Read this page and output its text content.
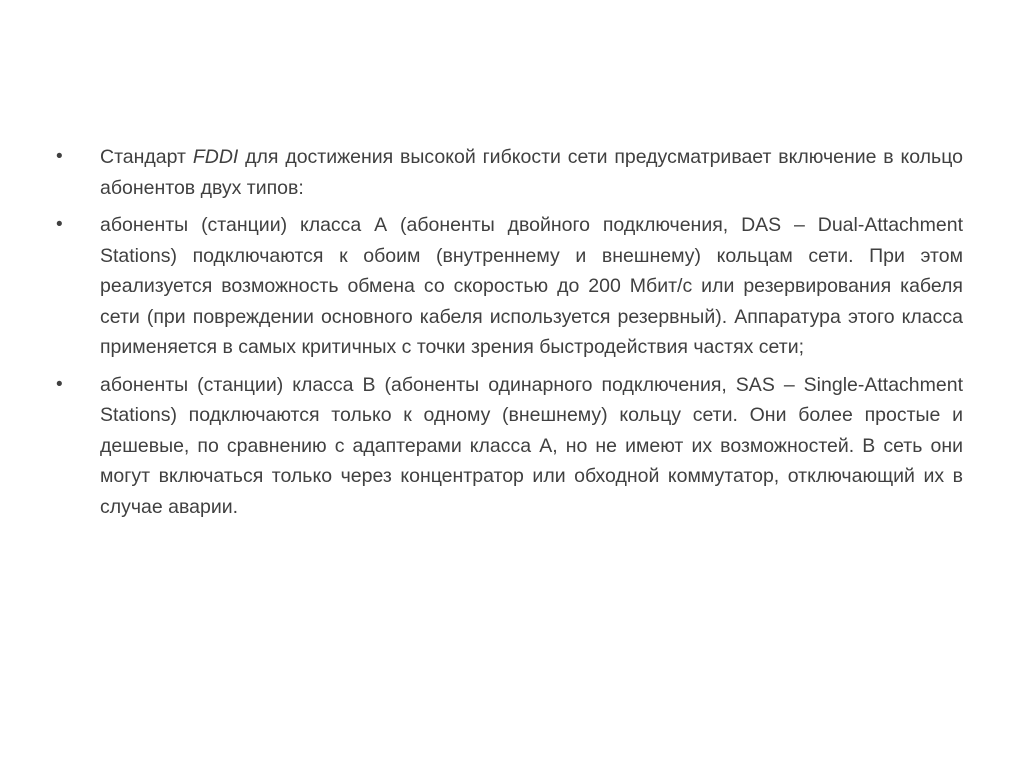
•	Стандарт FDDI для достижения высокой гибкости сети предусматривает включение в кольцо абонентов двух типов:
•	абоненты (станции) класса А (абоненты двойного подключения, DAS – Dual-Attachment Stations) подключаются к обоим (внутреннему и внешнему) кольцам сети. При этом реализуется возможность обмена со скоростью до 200 Мбит/с или резервирования кабеля сети (при повреждении основного кабеля используется резервный). Аппаратура этого класса применяется в самых критичных с точки зрения быстродействия частях сети;
•	абоненты (станции) класса В (абоненты одинарного подключения, SAS – Single-Attachment Stations) подключаются только к одному (внешнему) кольцу сети. Они более простые и дешевые, по сравнению с адаптерами класса А, но не имеют их возможностей. В сеть они могут включаться только через концентратор или обходной коммутатор, отключающий их в случае аварии.
